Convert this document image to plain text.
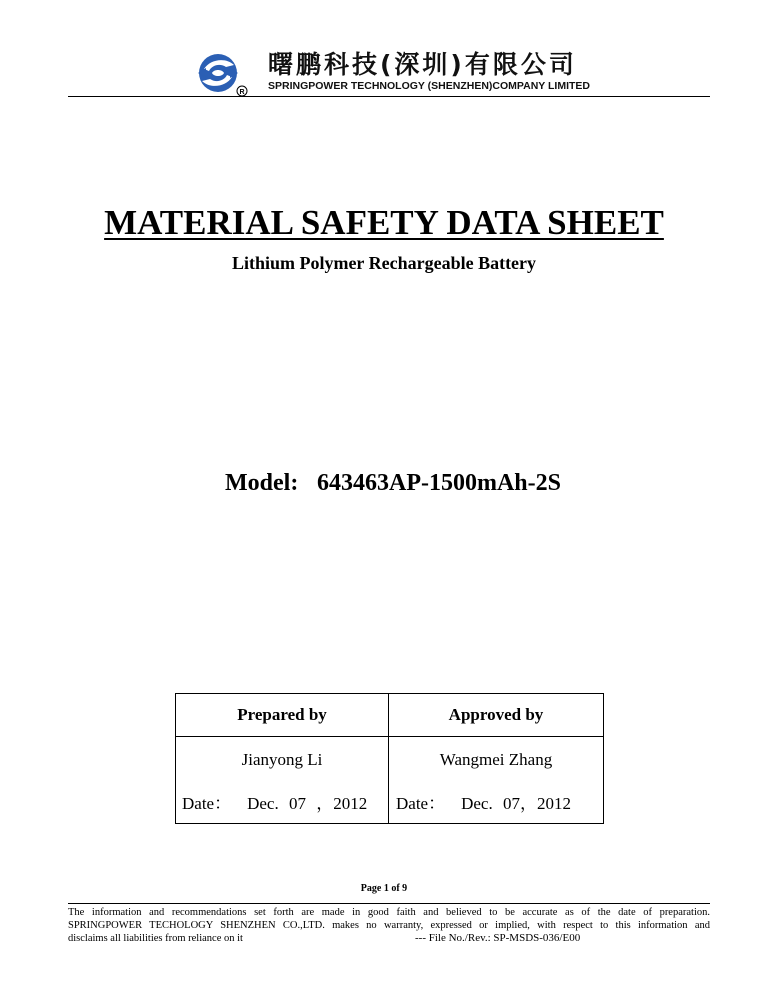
R
曙鹏科技(深圳)有限公司
SPRINGPOWER TECHNOLOGY (SHENZHEN)COMPANY LIMITED
MATERIAL SAFETY DATA SHEET
Lithium Polymer Rechargeable Battery
Model: 643463AP-1500mAh-2S
Prepared by	Approved by
Jianyong Li	Wangmei Zhang
Date： Dec. 07 ，2012 Date： Dec. 07，2012
Page 1 of 9
The information and recommendations set forth are made in good faith and believed to be accurate as of the date of preparation.
SPRINGPOWER TECHOLOGY SHENZHEN CO.,LTD. makes no warranty, expressed or implied, with respect to this information and
disclaims all liabilities from reliance on it	--- File No./Rev.: SP-MSDS-036/E00
